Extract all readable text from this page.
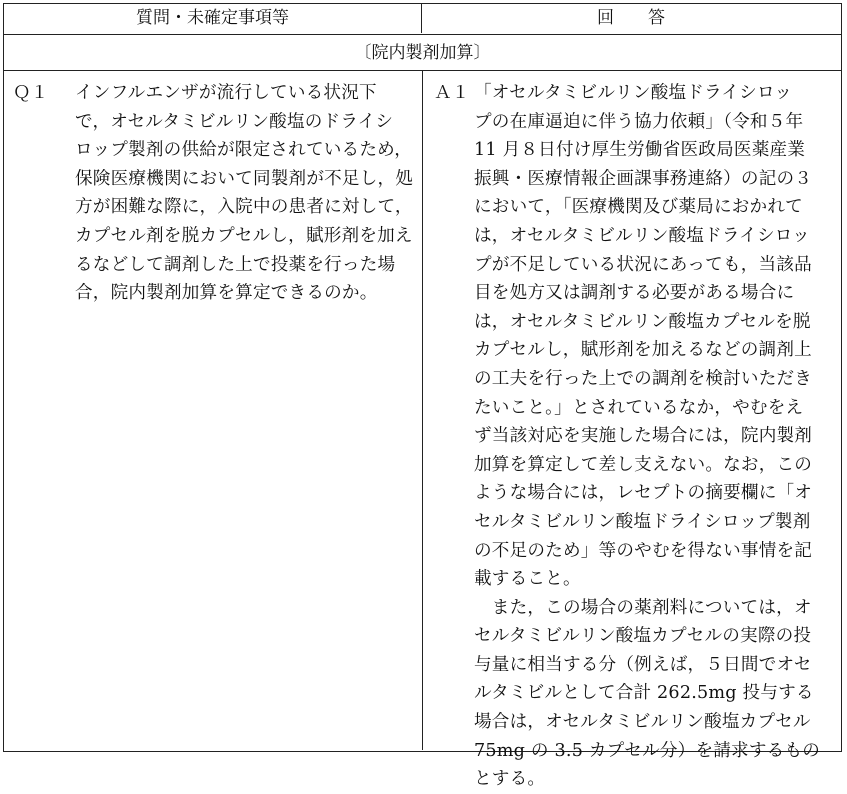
質問・未確定事項等	回　　答
〔院内製剤加算〕
Ｑ１ インフルエンザが流行している状況下
で，オセルタミビルリン酸塩のドライシ
ロップ製剤の供給が限定されているため，
保険医療機関において同製剤が不足し，処
方が困難な際に，入院中の患者に対して，
カプセル剤を脱カプセルし，賦形剤を加え
るなどして調剤した上で投薬を行った場
合，院内製剤加算を算定できるのか。
Ａ１ 「オセルタミビルリン酸塩ドライシロッ
プの在庫逼迫に伴う協力依頼」（令和５年
11 月８日付け厚生労働省医政局医薬産業
振興・医療情報企画課事務連絡）の記の３
において，「医療機関及び薬局におかれて
は，オセルタミビルリン酸塩ドライシロッ
プが不足している状況にあっても，当該品
目を処方又は調剤する必要がある場合に
は，オセルタミビルリン酸塩カプセルを脱
カプセルし，賦形剤を加えるなどの調剤上
の工夫を行った上での調剤を検討いただき
たいこと。」とされているなか，やむをえ
ず当該対応を実施した場合には，院内製剤
加算を算定して差し支えない。なお，この
ような場合には，レセプトの摘要欄に「オ
セルタミビルリン酸塩ドライシロップ製剤
の不足のため」等のやむを得ない事情を記
載すること。
　また，この場合の薬剤料については，オ
セルタミビルリン酸塩カプセルの実際の投
与量に相当する分（例えば，５日間でオセ
ルタミビルとして合計 262.5mg 投与する
場合は，オセルタミビルリン酸塩カプセル
75mg の 3.5 カプセル分）を請求するもの
とする。
